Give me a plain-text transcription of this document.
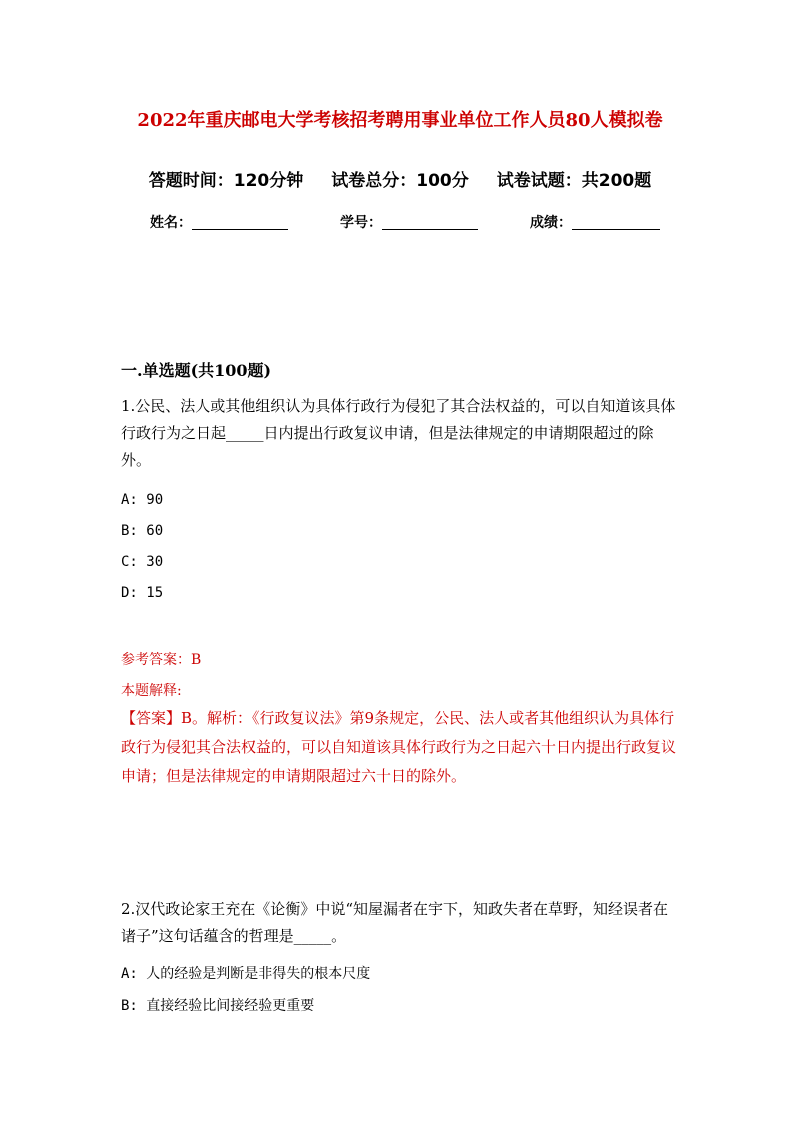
2022年重庆邮电大学考核招考聘用事业单位工作人员80人模拟卷
答题时间：120分钟 试卷总分：100分 试卷试题：共200题
姓名：	学号：	成绩：
一.单选题(共100题)
1.公民、法人或其他组织认为具体行政行为侵犯了其合法权益的，可以自知道该具体行政行为之日起_____日内提出行政复议申请，但是法律规定的申请期限超过的除外。
A: 90
B: 60
C: 30
D: 15
参考答案：B
本题解释:
【答案】B。解析：《行政复议法》第9条规定，公民、法人或者其他组织认为具体行政行为侵犯其合法权益的，可以自知道该具体行政行为之日起六十日内提出行政复议申请；但是法律规定的申请期限超过六十日的除外。
2.汉代政论家王充在《论衡》中说“知屋漏者在宇下，知政失者在草野，知经误者在诸子”这句话蕴含的哲理是_____。
A: 人的经验是判断是非得失的根本尺度
B: 直接经验比间接经验更重要
